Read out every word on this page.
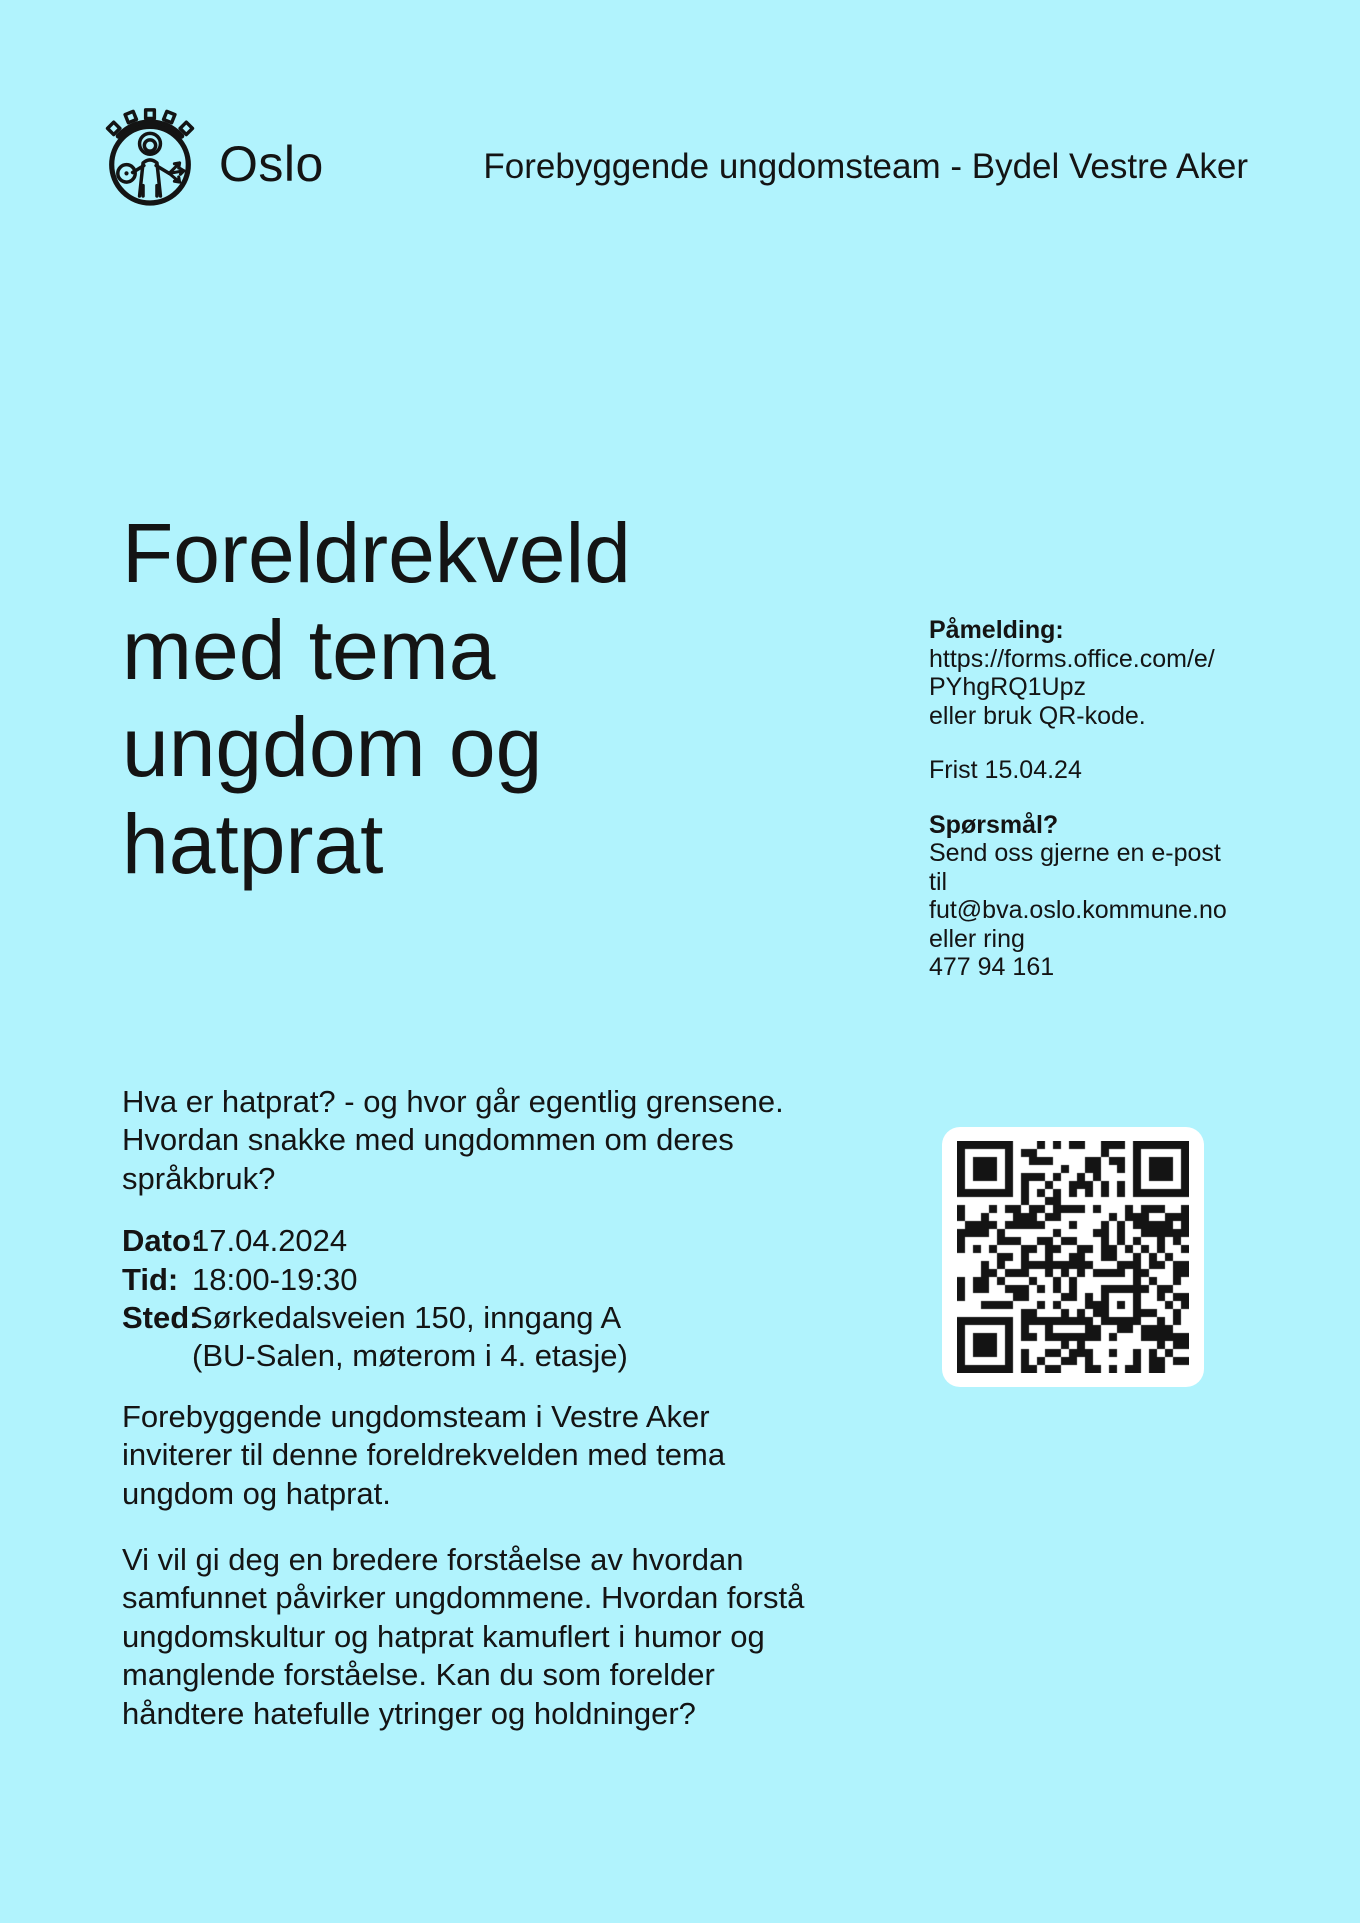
Oslo	Forebyggende ungdomsteam - Bydel Vestre Aker
Foreldrekveld
med tema
ungdom og
hatprat
Påmelding:
https://forms.office.com/e/
PYhgRQ1Upz
eller bruk QR-kode.
Frist 15.04.24
Spørsmål?
Send oss gjerne en e-post
til
fut@bva.oslo.kommune.no
eller ring
477 94 161
Hva er hatprat? - og hvor går egentlig grensene.
Hvordan snakke med ungdommen om deres
språkbruk?
Dato:17.04.2024
Tid: 18:00-19:30
Sted:Sørkedalsveien 150, inngang A
(BU-Salen, møterom i 4. etasje)
Forebyggende ungdomsteam i Vestre Aker
inviterer til denne foreldrekvelden med tema
ungdom og hatprat.
Vi vil gi deg en bredere forståelse av hvordan
samfunnet påvirker ungdommene. Hvordan forstå
ungdomskultur og hatprat kamuflert i humor og
manglende forståelse. Kan du som forelder
håndtere hatefulle ytringer og holdninger?
